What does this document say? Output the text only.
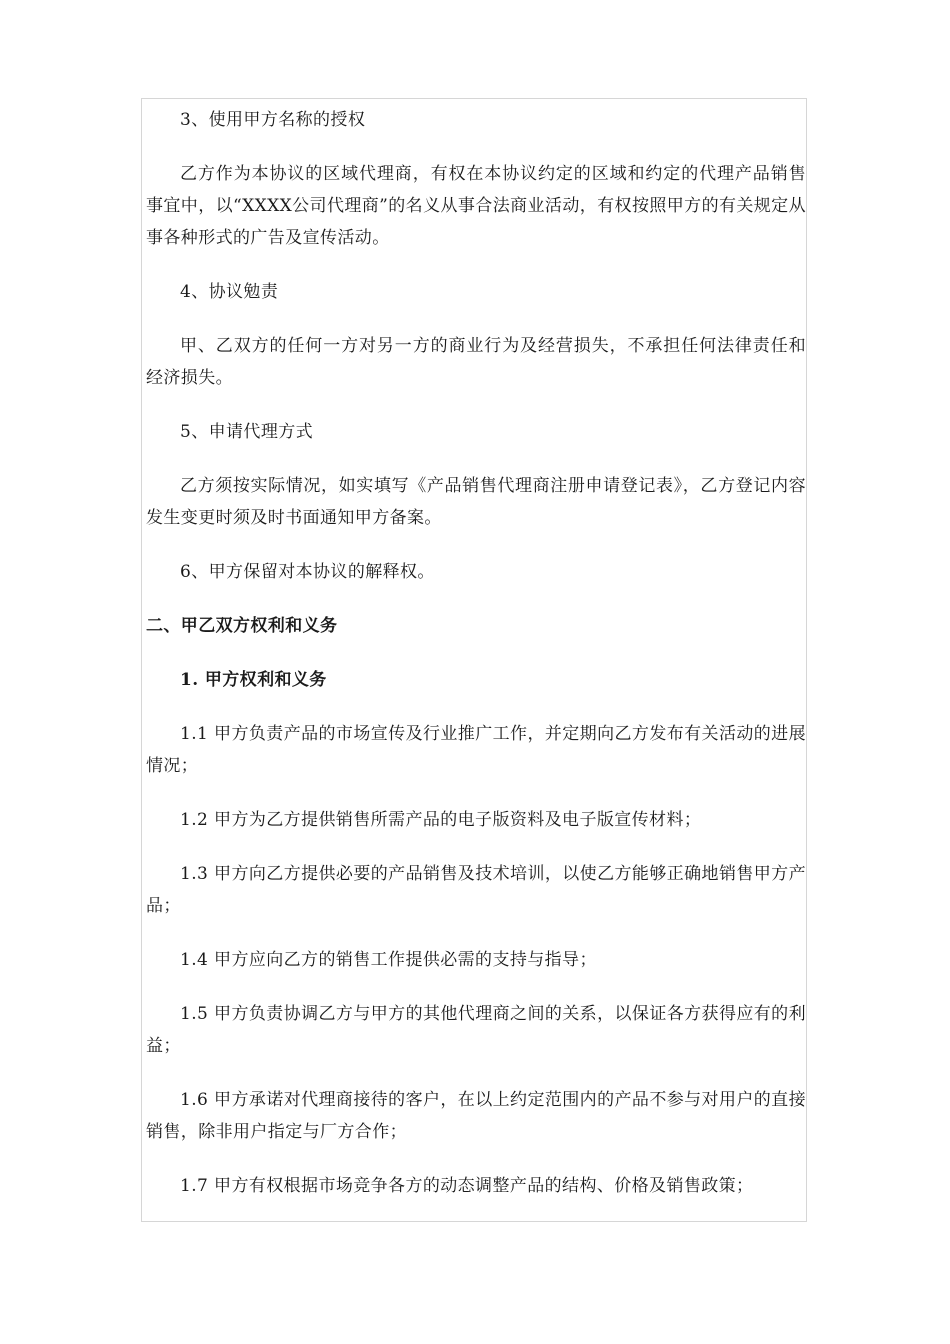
3、使用甲方名称的授权

乙方作为本协议的区域代理商，有权在本协议约定的区域和约定的代理产品销售事宜中，以“XXXX公司代理商”的名义从事合法商业活动，有权按照甲方的有关规定从事各种形式的广告及宣传活动。

4、协议勉责

甲、乙双方的任何一方对另一方的商业行为及经营损失，不承担任何法律责任和经济损失。

5、申请代理方式

乙方须按实际情况，如实填写《产品销售代理商注册申请登记表》，乙方登记内容发生变更时须及时书面通知甲方备案。

6、甲方保留对本协议的解释权。

二、甲乙双方权利和义务

1. 甲方权利和义务

1.1 甲方负责产品的市场宣传及行业推广工作，并定期向乙方发布有关活动的进展情况；

1.2 甲方为乙方提供销售所需产品的电子版资料及电子版宣传材料；

1.3 甲方向乙方提供必要的产品销售及技术培训，以使乙方能够正确地销售甲方产品；

1.4 甲方应向乙方的销售工作提供必需的支持与指导；

1.5 甲方负责协调乙方与甲方的其他代理商之间的关系，以保证各方获得应有的利益；

1.6 甲方承诺对代理商接待的客户，在以上约定范围内的产品不参与对用户的直接销售，除非用户指定与厂方合作；

1.7 甲方有权根据市场竞争各方的动态调整产品的结构、价格及销售政策；
